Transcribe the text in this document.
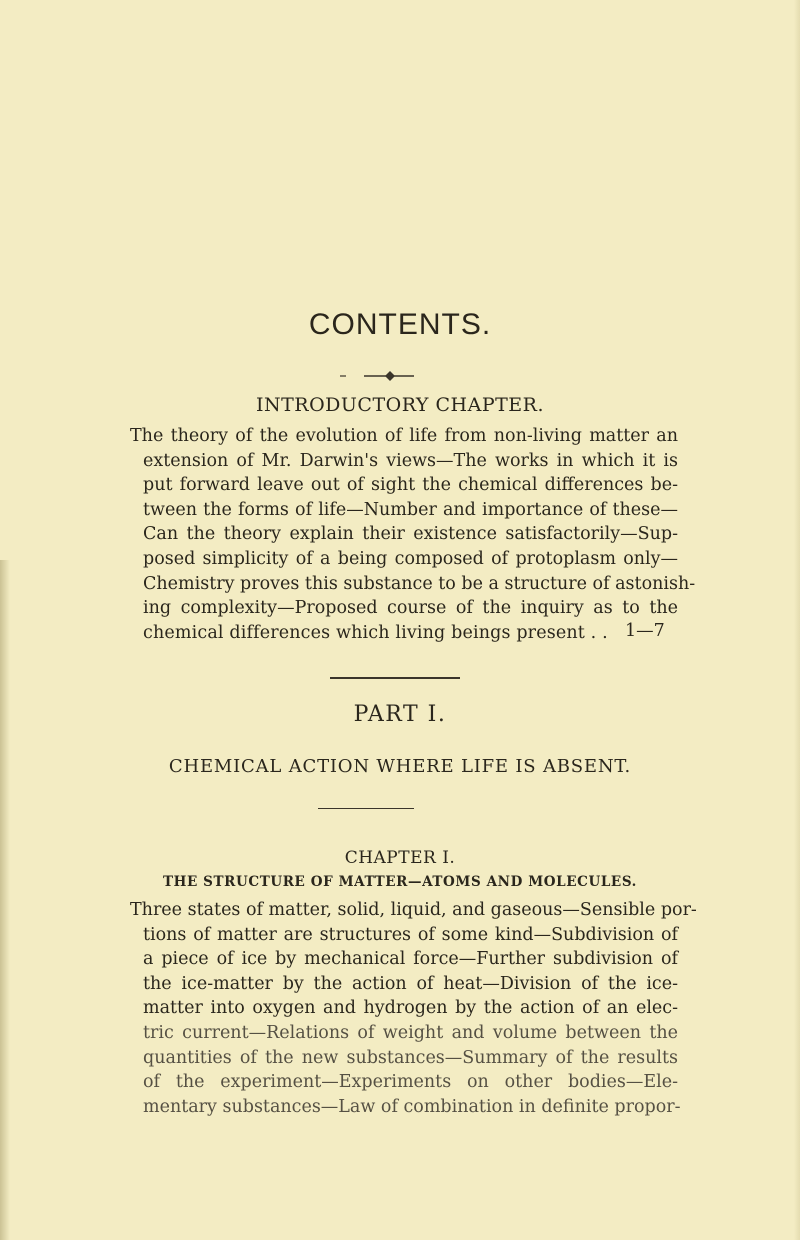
CONTENTS.
INTRODUCTORY CHAPTER.
The theory of the evolution of life from non-living matter an
extension of Mr. Darwin's views—The works in which it is
put forward leave out of sight the chemical differences be-
tween the forms of life—Number and importance of these—
Can the theory explain their existence satisfactorily—Sup-
posed simplicity of a being composed of protoplasm only—
Chemistry proves this substance to be a structure of astonish-
ing complexity—Proposed course of the inquiry as to the
chemical differences which living beings present . . 1—7
PART I.
CHEMICAL ACTION WHERE LIFE IS ABSENT.
CHAPTER I.
THE STRUCTURE OF MATTER—ATOMS AND MOLECULES.
Three states of matter, solid, liquid, and gaseous—Sensible por-
tions of matter are structures of some kind—Subdivision of
a piece of ice by mechanical force—Further subdivision of
the ice-matter by the action of heat—Division of the ice-
matter into oxygen and hydrogen by the action of an elec-
tric current—Relations of weight and volume between the
quantities of the new substances—Summary of the results
of the experiment—Experiments on other bodies—Ele-
mentary substances—Law of combination in definite propor-
